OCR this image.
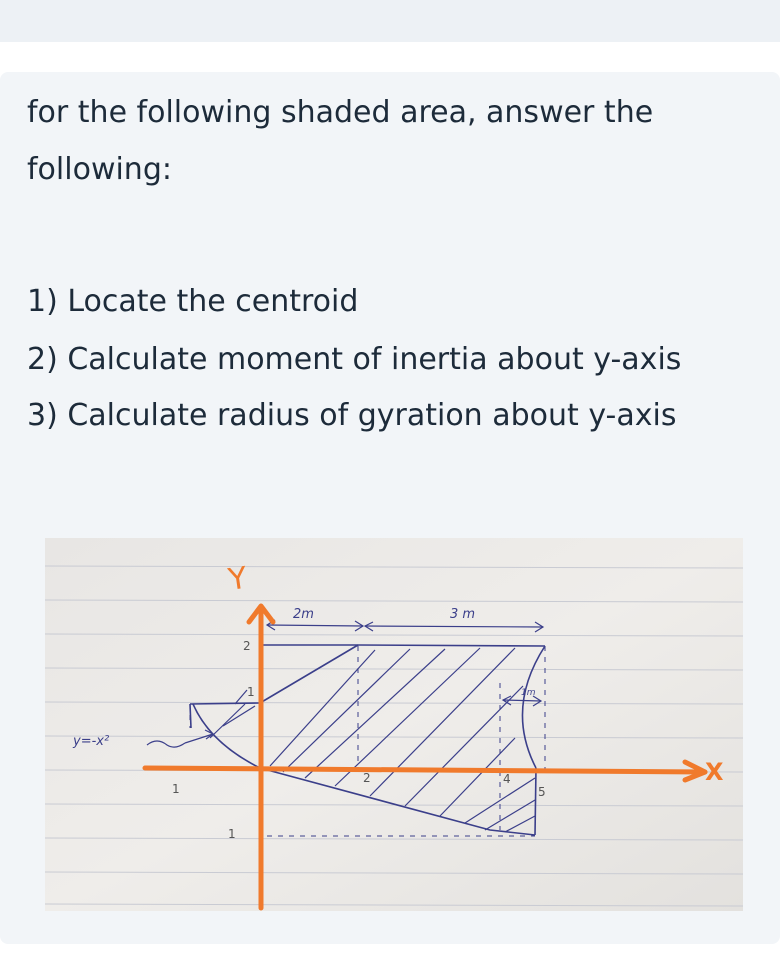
for the following shaded area, answer the
following:
1) Locate the centroid
2) Calculate moment of inertia about y-axis
3) Calculate radius of gyration about y-axis
Y
X
2
1
1
1
2	4
5
2m	3 m
1m
y=-x²
